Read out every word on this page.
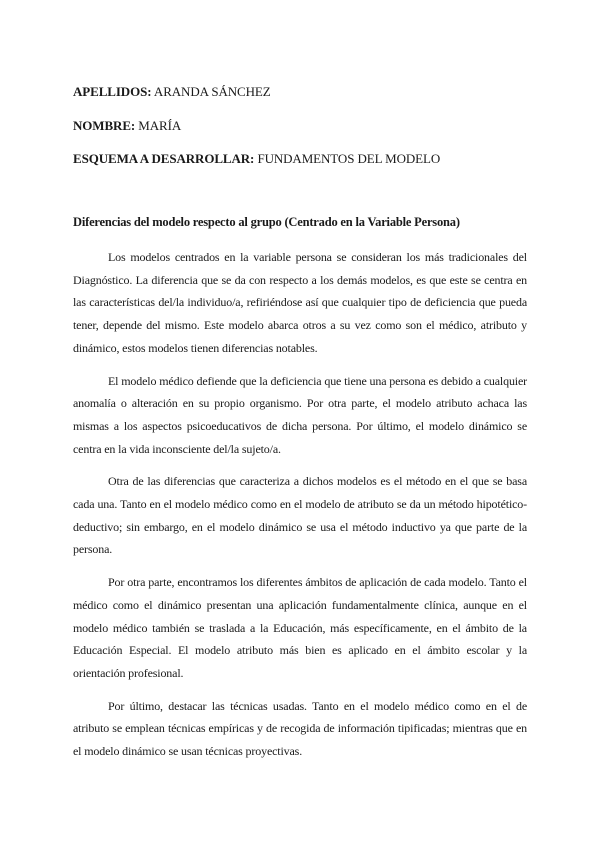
APELLIDOS: ARANDA SÁNCHEZ
NOMBRE: MARÍA
ESQUEMA A DESARROLLAR: FUNDAMENTOS DEL MODELO
Diferencias del modelo respecto al grupo (Centrado en la Variable Persona)

Los modelos centrados en la variable persona se consideran los más tradicionales del Diagnóstico. La diferencia que se da con respecto a los demás modelos, es que este se centra en las características del/la individuo/a, refiriéndose así que cualquier tipo de deficiencia que pueda tener, depende del mismo. Este modelo abarca otros a su vez como son el médico, atributo y dinámico, estos modelos tienen diferencias notables.

El modelo médico defiende que la deficiencia que tiene una persona es debido a cualquier anomalía o alteración en su propio organismo. Por otra parte, el modelo atributo achaca las mismas a los aspectos psicoeducativos de dicha persona. Por último, el modelo dinámico se centra en la vida inconsciente del/la sujeto/a.

Otra de las diferencias que caracteriza a dichos modelos es el método en el que se basa cada una. Tanto en el modelo médico como en el modelo de atributo se da un método hipotético-deductivo; sin embargo, en el modelo dinámico se usa el método inductivo ya que parte de la persona.

Por otra parte, encontramos los diferentes ámbitos de aplicación de cada modelo. Tanto el médico como el dinámico presentan una aplicación fundamentalmente clínica, aunque en el modelo médico también se traslada a la Educación, más específicamente, en el ámbito de la Educación Especial. El modelo atributo más bien es aplicado en el ámbito escolar y la orientación profesional.

Por último, destacar las técnicas usadas. Tanto en el modelo médico como en el de atributo se emplean técnicas empíricas y de recogida de información tipificadas; mientras que en el modelo dinámico se usan técnicas proyectivas.
